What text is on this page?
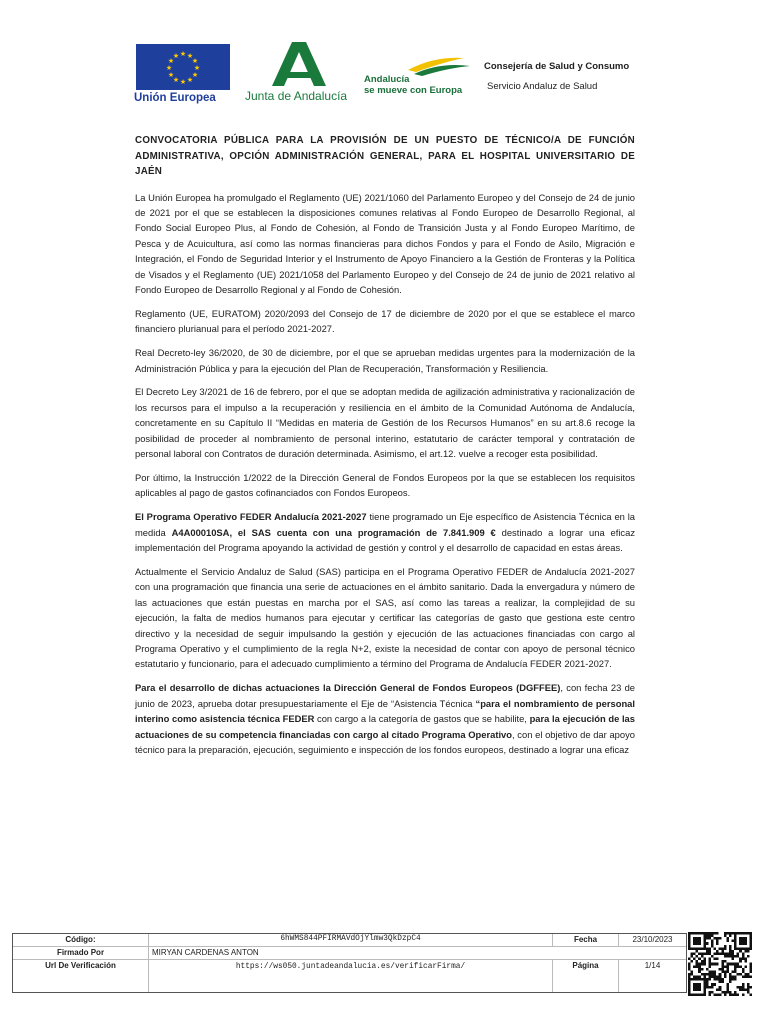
★ ★
★
★
★
★
★
★
★
★
★
★
Unión Europea Junta de Andalucía
Andalucía
se mueve con Europa
Consejería de Salud y Consumo
Servicio Andaluz de Salud
CONVOCATORIA PÚBLICA PARA LA PROVISIÓN DE UN PUESTO DE TÉCNICO/A DE FUNCIÓN ADMINISTRATIVA, OPCIÓN ADMINISTRACIÓN GENERAL, PARA EL HOSPITAL UNIVERSITARIO DE JAÉN

La Unión Europea ha promulgado el Reglamento (UE) 2021/1060 del Parlamento Europeo y del Consejo de 24 de junio de 2021 por el que se establecen la disposiciones comunes relativas al Fondo Europeo de Desarrollo Regional, al Fondo Social Europeo Plus, al Fondo de Cohesión, al Fondo de Transición Justa y al Fondo Europeo Marítimo, de Pesca y de Acuicultura, así como las normas financieras para dichos Fondos y para el Fondo de Asilo, Migración e Integración, el Fondo de Seguridad Interior y el Instrumento de Apoyo Financiero a la Gestión de Fronteras y la Política de Visados y el Reglamento (UE) 2021/1058 del Parlamento Europeo y del Consejo de 24 de junio de 2021 relativo al Fondo Europeo de Desarrollo Regional y al Fondo de Cohesión.

Reglamento (UE, EURATOM) 2020/2093 del Consejo de 17 de diciembre de 2020 por el que se establece el marco financiero plurianual para el período 2021-2027.

Real Decreto-ley 36/2020, de 30 de diciembre, por el que se aprueban medidas urgentes para la modernización de la Administración Pública y para la ejecución del Plan de Recuperación, Transformación y Resiliencia.

El Decreto Ley 3/2021 de 16 de febrero, por el que se adoptan medida de agilización administrativa y racionalización de los recursos para el impulso a la recuperación y resiliencia en el ámbito de la Comunidad Autónoma de Andalucía, concretamente en su Capítulo II “Medidas en materia de Gestión de los Recursos Humanos” en su art.8.6 recoge la posibilidad de proceder al nombramiento de personal interino, estatutario de carácter temporal y contratación de personal laboral con Contratos de duración determinada. Asimismo, el art.12. vuelve a recoger esta posibilidad.

Por último, la Instrucción 1/2022 de la Dirección General de Fondos Europeos por la que se establecen los requisitos aplicables al pago de gastos cofinanciados con Fondos Europeos.

El Programa Operativo FEDER Andalucía 2021-2027 tiene programado un Eje específico de Asistencia Técnica en la medida A4A00010SA, el SAS cuenta con una programación de 7.841.909 € destinado a lograr una eficaz implementación del Programa apoyando la actividad de gestión y control y el desarrollo de capacidad en estas áreas.

Actualmente el Servicio Andaluz de Salud (SAS) participa en el Programa Operativo FEDER de Andalucía 2021-2027 con una programación que financia una serie de actuaciones en el ámbito sanitario. Dada la envergadura y número de las actuaciones que están puestas en marcha por el SAS, así como las tareas a realizar, la complejidad de su ejecución, la falta de medios humanos para ejecutar y certificar las categorías de gasto que gestiona este centro directivo y la necesidad de seguir impulsando la gestión y ejecución de las actuaciones financiadas con cargo al Programa Operativo y el cumplimiento de la regla N+2, existe la necesidad de contar con apoyo de personal técnico estatutario y funcionario, para el adecuado cumplimiento a término del Programa de Andalucía FEDER 2021-2027.

Para el desarrollo de dichas actuaciones la Dirección General de Fondos Europeos (DGFFEE), con fecha 23 de junio de 2023, aprueba dotar presupuestariamente el Eje de “Asistencia Técnica “para el nombramiento de personal interino como asistencia técnica FEDER con cargo a la categoría de gastos que se habilite, para la ejecución de las actuaciones de su competencia financiadas con cargo al citado Programa Operativo, con el objetivo de dar apoyo técnico para la preparación, ejecución, seguimiento e inspección de los fondos europeos, destinado a lograr una eficaz

Código:	6hWMS844PFIRMAVdOjYlmw3QkDzpC4	Fecha	23/10/2023
Firmado Por	MIRYAN CARDENAS ANTON
Url De Verificación	https://ws050.juntadeandalucia.es/verificarFirma/	Página	1/14
